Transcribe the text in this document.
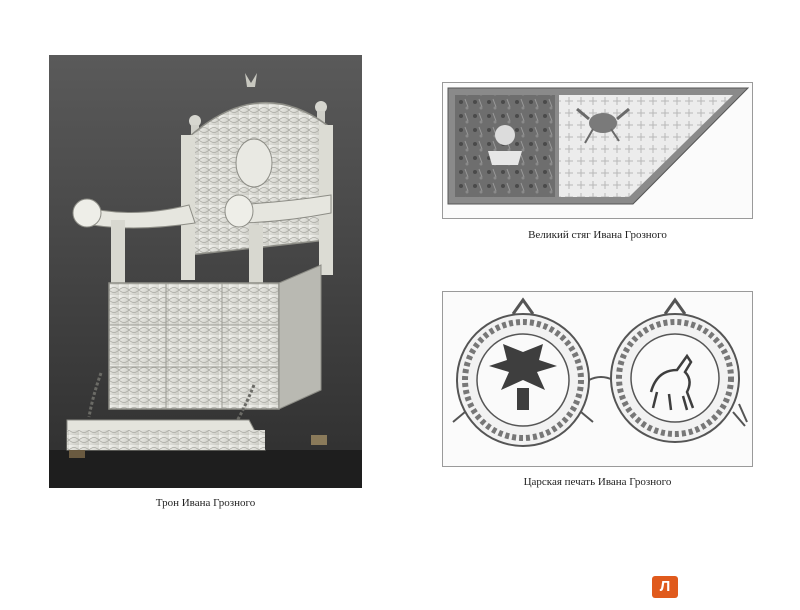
Трон Ивана Грозного
Великий стяг Ивана Грозного
Царская печать Ивана Грозного
Л
